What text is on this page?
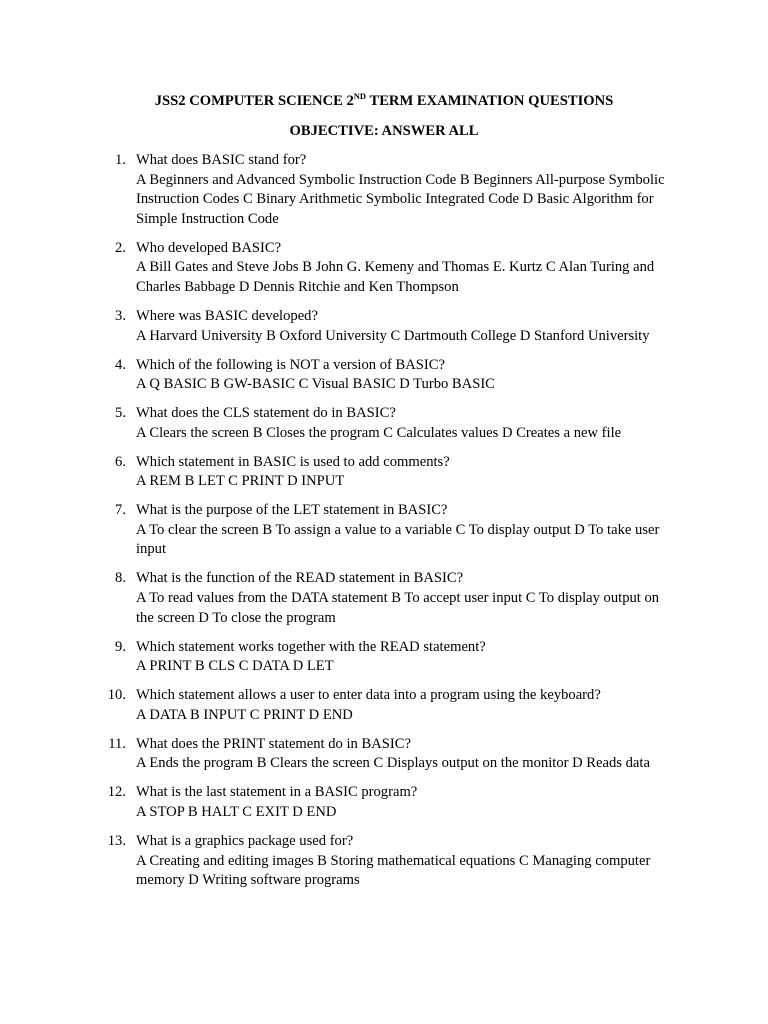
JSS2 COMPUTER SCIENCE 2ND TERM EXAMINATION QUESTIONS
OBJECTIVE: ANSWER ALL
1. What does BASIC stand for?
A Beginners and Advanced Symbolic Instruction Code B Beginners All-purpose Symbolic Instruction Codes C Binary Arithmetic Symbolic Integrated Code D Basic Algorithm for Simple Instruction Code
2. Who developed BASIC?
A Bill Gates and Steve Jobs B John G. Kemeny and Thomas E. Kurtz C Alan Turing and Charles Babbage D Dennis Ritchie and Ken Thompson
3. Where was BASIC developed?
A Harvard University B Oxford University C Dartmouth College D Stanford University
4. Which of the following is NOT a version of BASIC?
A Q BASIC B GW-BASIC C Visual BASIC D Turbo BASIC
5. What does the CLS statement do in BASIC?
A Clears the screen B Closes the program C Calculates values D Creates a new file
6. Which statement in BASIC is used to add comments?
A REM B LET C PRINT D INPUT
7. What is the purpose of the LET statement in BASIC?
A To clear the screen B To assign a value to a variable C To display output D To take user input
8. What is the function of the READ statement in BASIC?
A To read values from the DATA statement B To accept user input C To display output on the screen D To close the program
9. Which statement works together with the READ statement?
A PRINT B CLS C DATA D LET
10. Which statement allows a user to enter data into a program using the keyboard?
A DATA B INPUT C PRINT D END
11. What does the PRINT statement do in BASIC?
A Ends the program B Clears the screen C Displays output on the monitor D Reads data
12. What is the last statement in a BASIC program?
A STOP B HALT C EXIT D END
13. What is a graphics package used for?
A Creating and editing images B Storing mathematical equations C Managing computer memory D Writing software programs
